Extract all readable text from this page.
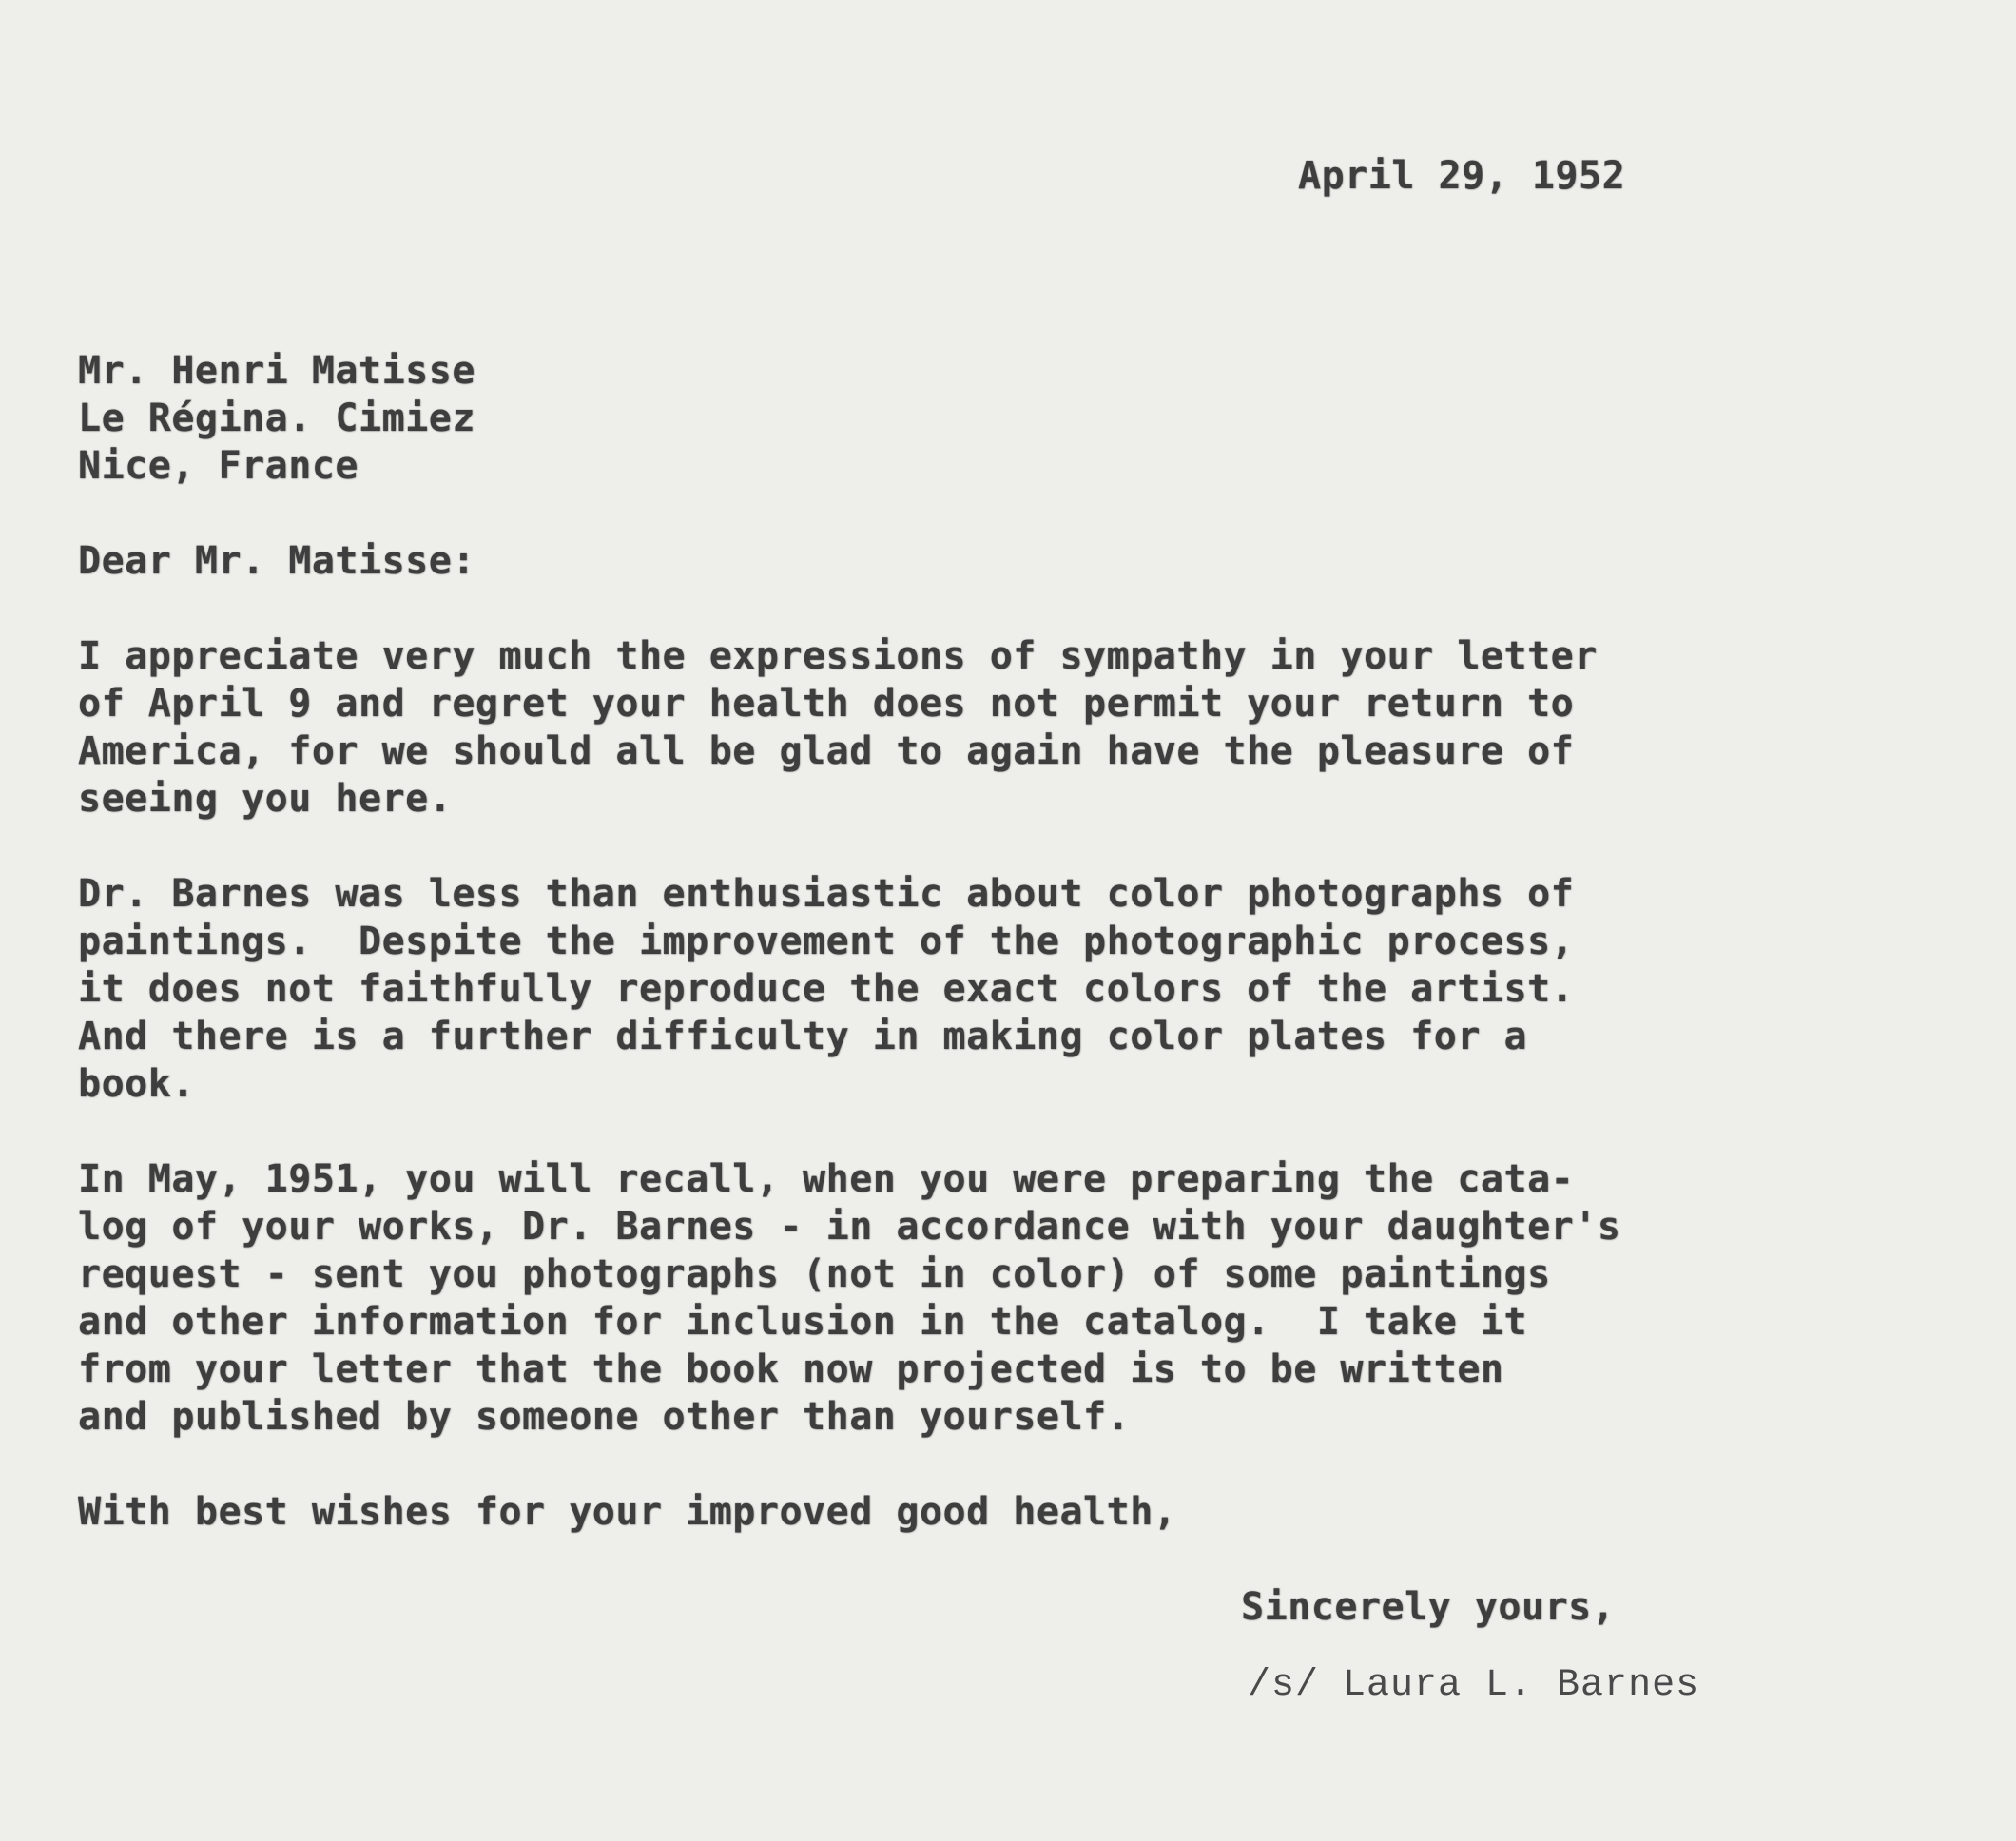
April 29, 1952

Mr. Henri Matisse

Le Régina. Cimiez

Nice, France

Dear Mr. Matisse:

I appreciate very much the expressions of sympathy in your letter

of April 9 and regret your health does not permit your return to

America, for we should all be glad to again have the pleasure of

seeing you here.

Dr. Barnes was less than enthusiastic about color photographs of

paintings.  Despite the improvement of the photographic process,

it does not faithfully reproduce the exact colors of the artist.

And there is a further difficulty in making color plates for a

book.

In May, 1951, you will recall, when you were preparing the cata-

log of your works, Dr. Barnes - in accordance with your daughter's

request - sent you photographs (not in color) of some paintings

and other information for inclusion in the catalog.  I take it

from your letter that the book now projected is to be written

and published by someone other than yourself.

With best wishes for your improved good health,

Sincerely yours,

/s/ Laura L. Barnes
